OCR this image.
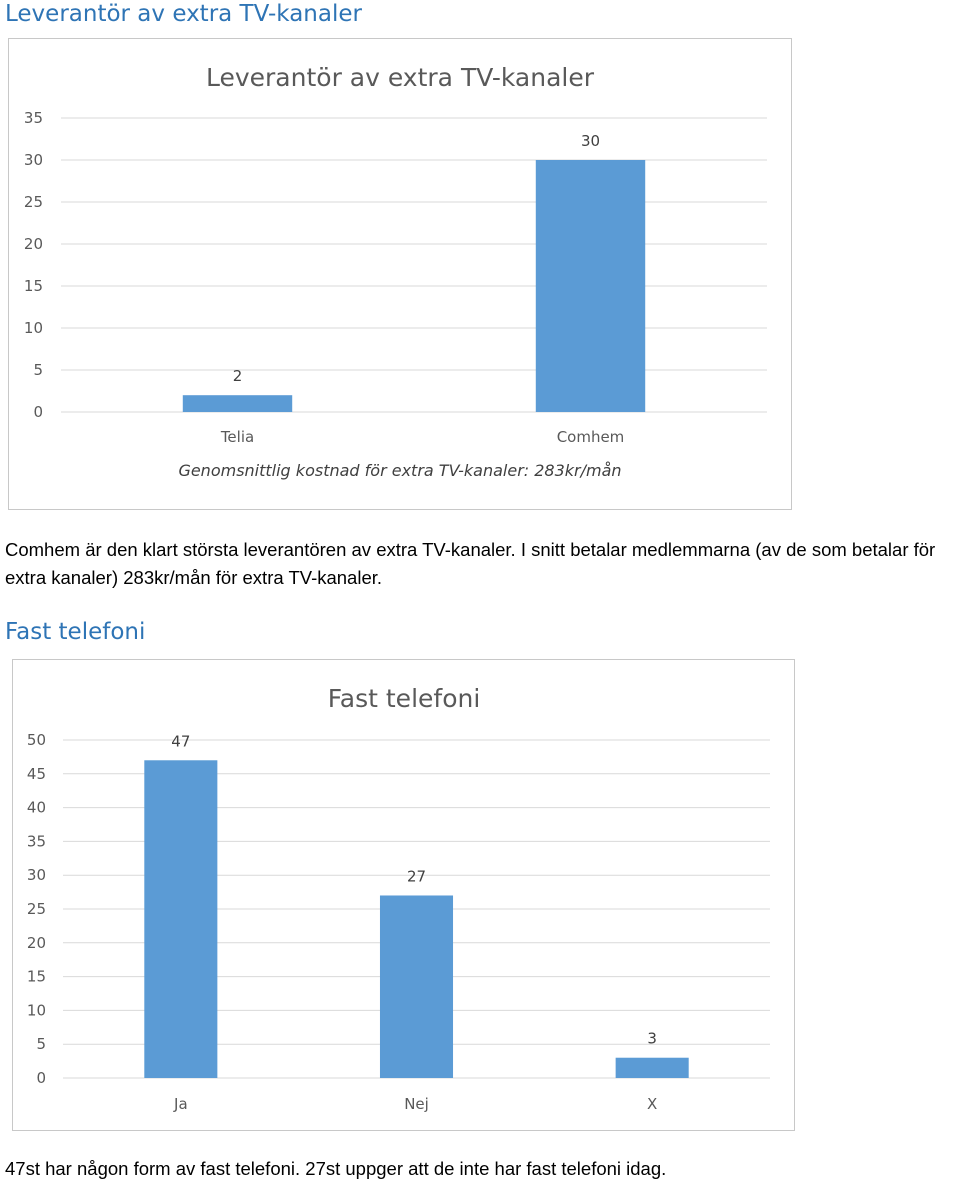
Leverantör av extra TV-kanaler
Leverantör av extra TV-kanaler
0
5
10
15
20
25
30
35
2
Telia
30
Comhem
Genomsnittlig kostnad för extra TV-kanaler: 283kr/mån

Comhem är den klart största leverantören av extra TV-kanaler. I snitt betalar medlemmarna (av de som betalar för extra kanaler) 283kr/mån för extra TV-kanaler.

Fast telefoni
Fast telefoni
0
5
10
15
20
25
30
35
40
45
50	47
Ja
27
Nej
3
X

47st har någon form av fast telefoni. 27st uppger att de inte har fast telefoni idag.
